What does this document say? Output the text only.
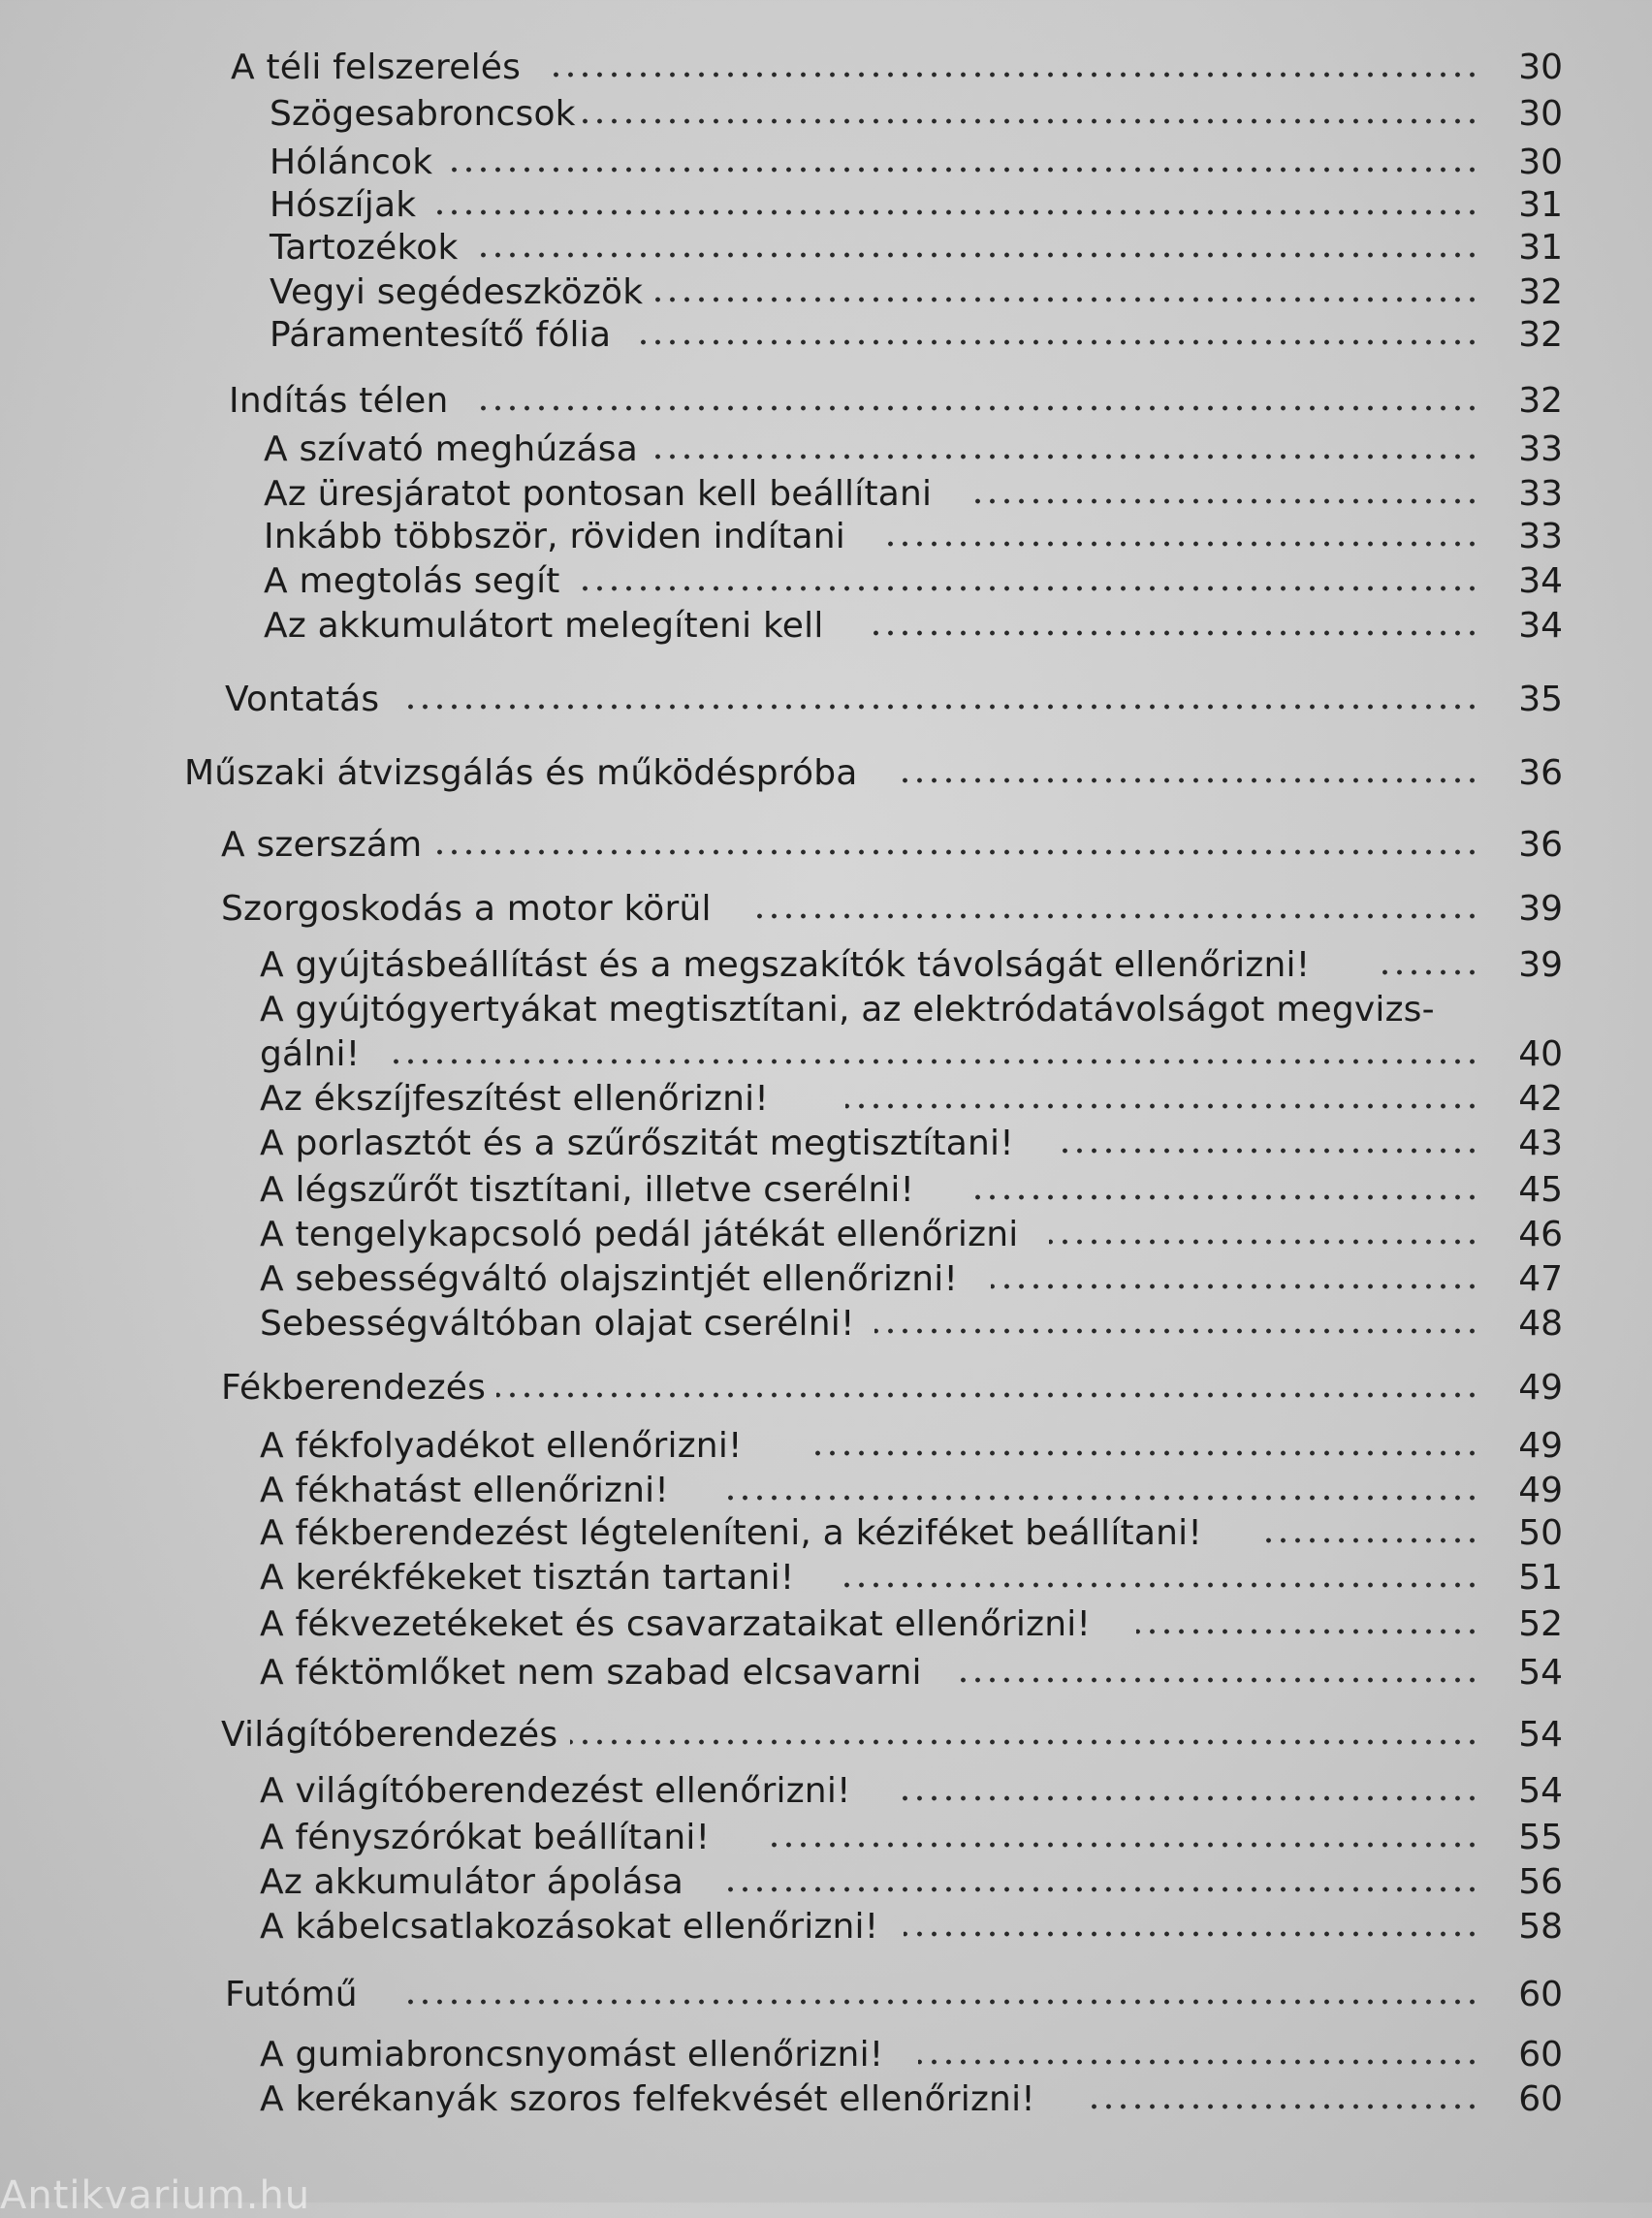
A téli felszerelés	30
Szögesabroncsok	30
Hóláncok	30
Hószíjak	31
Tartozékok	31
Vegyi segédeszközök	32
Páramentesítő fólia	32
Indítás télen	32
A szívató meghúzása	33
Az üresjáratot pontosan kell beállítani	33
Inkább többször, röviden indítani	33
A megtolás segít	34
Az akkumulátort melegíteni kell	34
Vontatás	35
Műszaki átvizsgálás és működéspróba	36
A szerszám	36
Szorgoskodás a motor körül	39
A gyújtásbeállítást és a megszakítók távolságát ellenőrizni!	39
A gyújtógyertyákat megtisztítani, az elektródatávolságot megvizs-
gálni!	40
Az ékszíjfeszítést ellenőrizni!	42
A porlasztót és a szűrőszitát megtisztítani!	43
A légszűrőt tisztítani, illetve cserélni!	45
A tengelykapcsoló pedál játékát ellenőrizni	46
A sebességváltó olajszintjét ellenőrizni!	47
Sebességváltóban olajat cserélni!	48
Fékberendezés	49
A fékfolyadékot ellenőrizni!	49
A fékhatást ellenőrizni!	49
A fékberendezést légteleníteni, a kéziféket beállítani!	50
A kerékfékeket tisztán tartani!	51
A fékvezetékeket és csavarzataikat ellenőrizni!	52
A féktömlőket nem szabad elcsavarni	54
Világítóberendezés	54
A világítóberendezést ellenőrizni!	54
A fényszórókat beállítani!	55
Az akkumulátor ápolása	56
A kábelcsatlakozásokat ellenőrizni!	58
Futómű	60
A gumiabroncsnyomást ellenőrizni!	60
A kerékanyák szoros felfekvését ellenőrizni!	60
Antikvarium.hu
